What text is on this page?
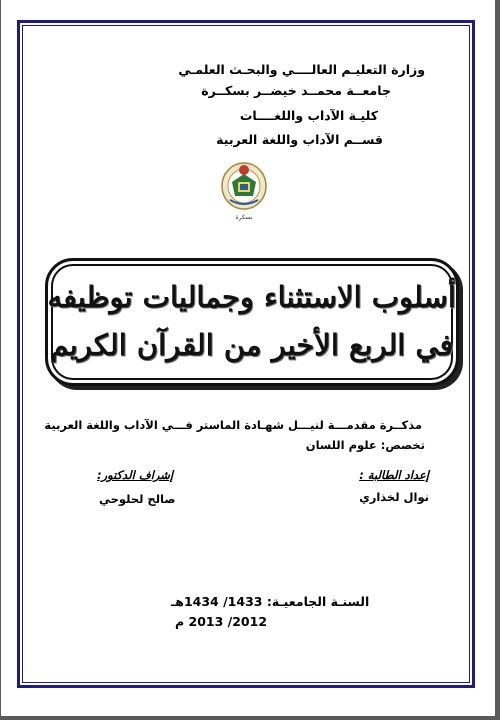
وزارة التعليـم العالــــي والبحـث العلمـي
جامعــة محمــد خيضــر بسكــرة
كليـة الآداب واللغــــات
قســم الآداب واللغة العربية
بسكرة
أسلوب الاستثناء وجماليات توظيفه
في الربع الأخير من القرآن الكريم
مذكــرة مقدمـــة لنيـــل شهـادة الماستر فـــي الآداب واللغة العربية
تخصص: علوم اللسان
إعداد الطالبة :
نوال لخذاري
إشراف الدكتور:
صالح لحلوحي
السنـة الجامعيـة: 1433/ 1434هـ
2012/ 2013 م
